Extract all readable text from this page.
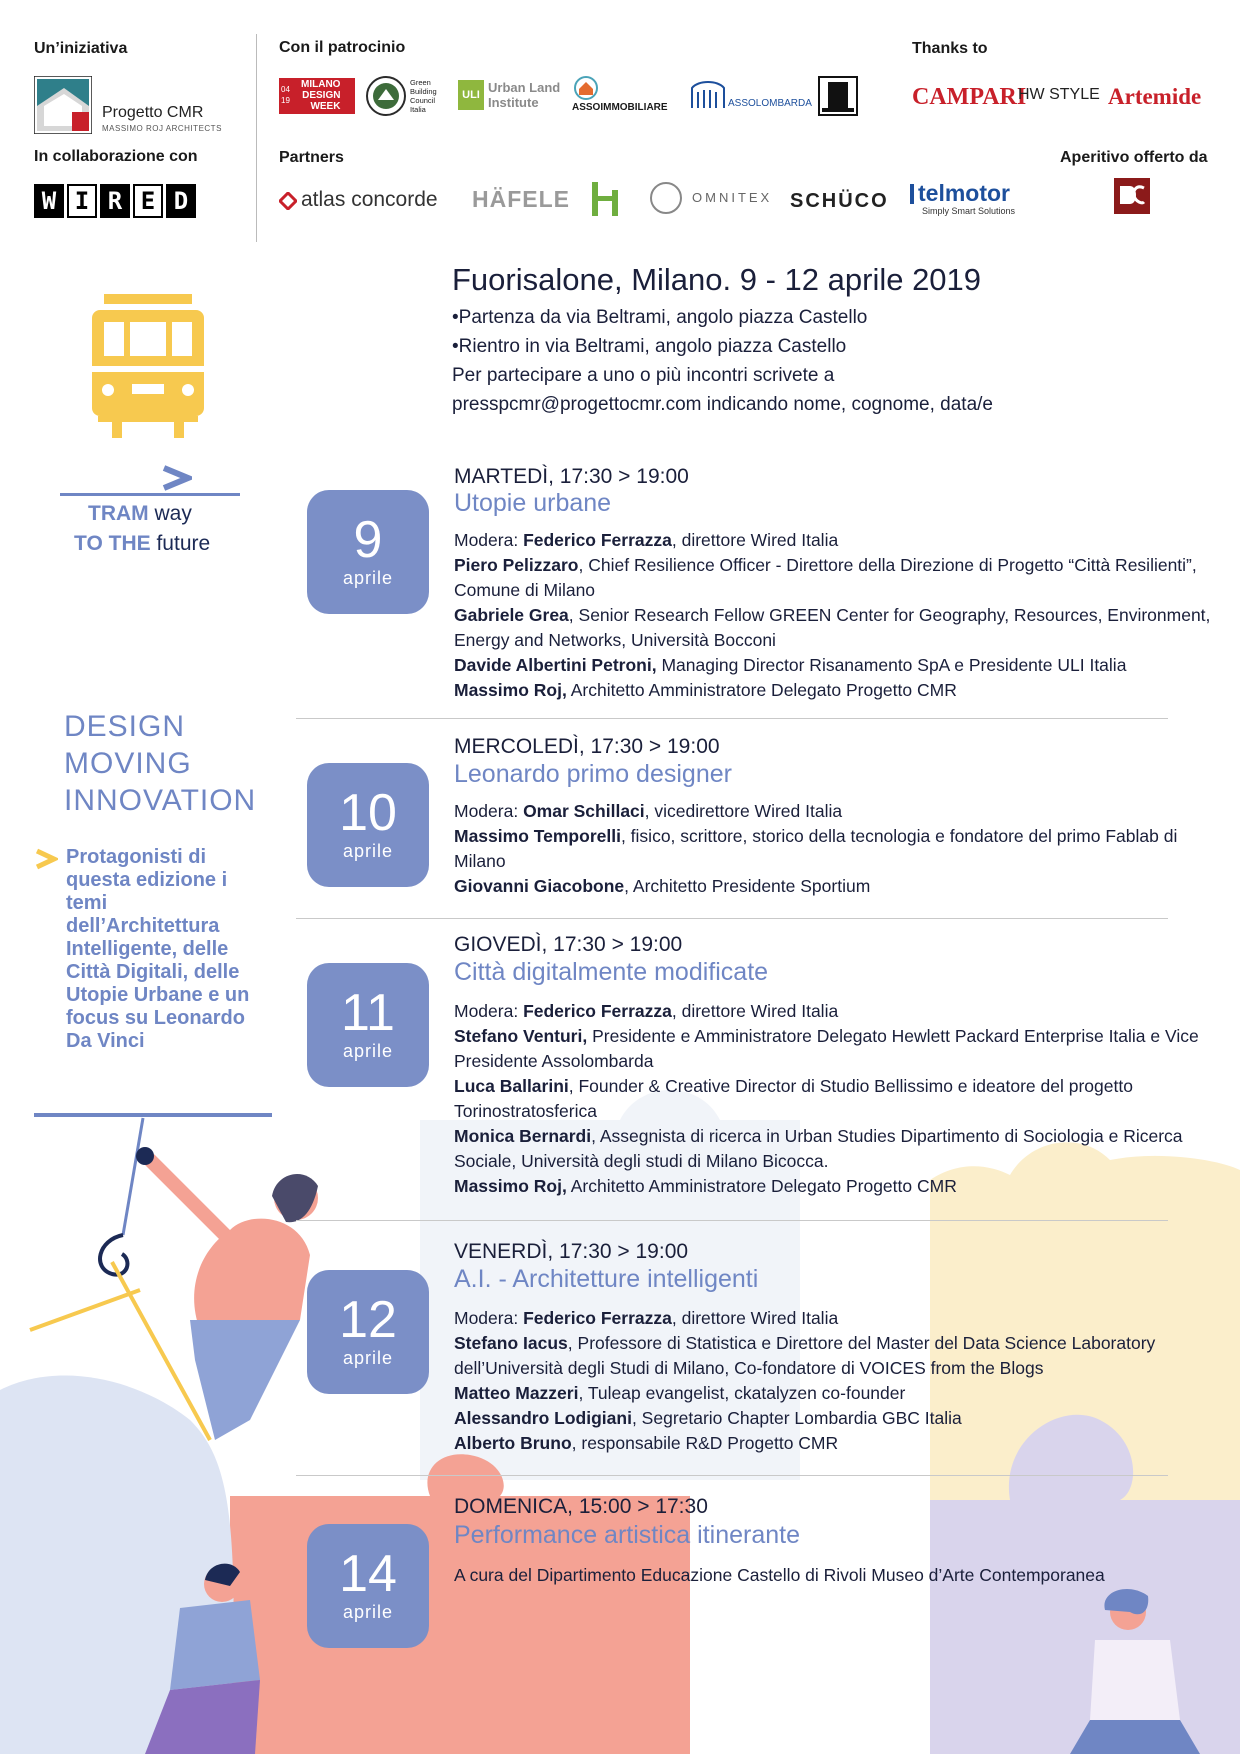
Un’iniziativa
In collaborazione con
Con il patrocinio
Partners
Thanks to
Aperitivo offerto da
Progetto CMR
MASSIMO ROJ ARCHITECTS
W I R E D
04
19
MILANO
DESIGN
WEEK
Green
Building
Council
Italia
ULI Urban Land
Institute	ASSOIMMOBILIARE	ASSOLOMBARDA	CAMPARI
HW STYLE Artemide
atlas concorde HÄFELE	OMNITEX SCHÜCO telmotor
Simply Smart Solutions
TRAM way
TO THE future
DESIGN
MOVING
INNOVATION
Protagonisti di questa edizione i temi dell’Architettura Intelligente, delle Città Digitali, delle Utopie Urbane e un focus su Leonardo Da Vinci
Fuorisalone, Milano. 9 - 12 aprile 2019
•Partenza da via Beltrami, angolo piazza Castello
•Rientro in via Beltrami, angolo piazza Castello
Per partecipare a uno o più incontri scrivete a
presspcmr@progettocmr.com indicando nome, cognome, data/e
9
aprile
MARTEDÌ, 17:30 > 19:00
Utopie urbane
Modera: Federico Ferrazza, direttore Wired Italia
Piero Pelizzaro, Chief Resilience Officer - Direttore della Direzione di Progetto “Città Resilienti”, Comune di Milano
Gabriele Grea, Senior Research Fellow GREEN Center for Geography, Resources, Environment, Energy and Networks, Università Bocconi
Davide Albertini Petroni, Managing Director Risanamento SpA e Presidente ULI Italia
Massimo Roj, Architetto Amministratore Delegato Progetto CMR
10
aprile
MERCOLEDÌ, 17:30 > 19:00
Leonardo primo designer
Modera: Omar Schillaci, vicedirettore Wired Italia
Massimo Temporelli, fisico, scrittore, storico della tecnologia e fondatore del primo Fablab di Milano
Giovanni Giacobone, Architetto Presidente Sportium
11
aprile
GIOVEDÌ, 17:30 > 19:00
Città digitalmente modificate
Modera: Federico Ferrazza, direttore Wired Italia
Stefano Venturi, Presidente e Amministratore Delegato Hewlett Packard Enterprise Italia e Vice Presidente Assolombarda
Luca Ballarini, Founder & Creative Director di Studio Bellissimo e ideatore del progetto Torinostratosferica
Monica Bernardi, Assegnista di ricerca in Urban Studies Dipartimento di Sociologia e Ricerca Sociale, Università degli studi di Milano Bicocca.
Massimo Roj, Architetto Amministratore Delegato Progetto CMR
12
aprile
VENERDÌ, 17:30 > 19:00
A.I. - Architetture intelligenti
Modera: Federico Ferrazza, direttore Wired Italia
Stefano Iacus, Professore di Statistica e Direttore del Master del Data Science Laboratory dell’Università degli Studi di Milano, Co-fondatore di VOICES from the Blogs
Matteo Mazzeri, Tuleap evangelist, ckatalyzen co-founder
Alessandro Lodigiani, Segretario Chapter Lombardia GBC Italia
Alberto Bruno, responsabile R&D Progetto CMR
14
aprile
DOMENICA, 15:00 > 17:30
Performance artistica itinerante
A cura del Dipartimento Educazione Castello di Rivoli Museo d’Arte Contemporanea
